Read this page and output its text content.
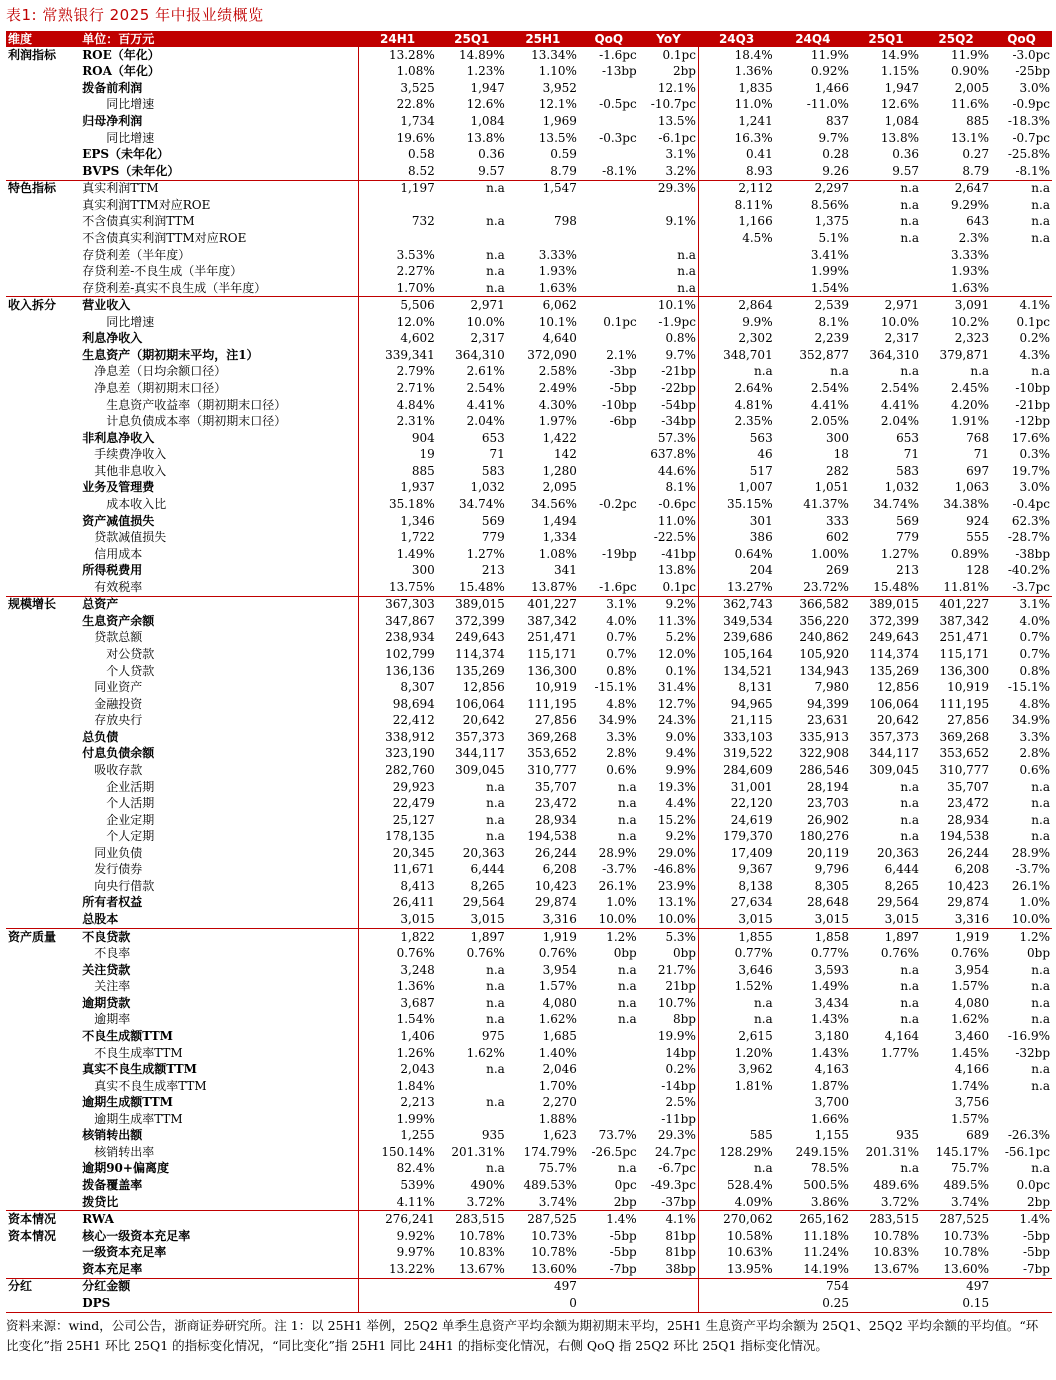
表1: 常熟银行 2025 年中报业绩概览
维度	单位：百万元	24H1	25Q1	25H1	QoQ	YoY	24Q3	24Q4	25Q1	25Q2	QoQ
利润指标	ROE（年化）	13.28%	14.89%	13.34%	-1.6pc	0.1pc	18.4%	11.9%	14.9%	11.9%	-3.0pc
	ROA（年化）	1.08%	1.23%	1.10%	-13bp	2bp	1.36%	0.92%	1.15%	0.90%	-25bp
	拨备前利润	3,525	1,947	3,952		12.1%	1,835	1,466	1,947	2,005	3.0%
	同比增速	22.8%	12.6%	12.1%	-0.5pc	-10.7pc	11.0%	-11.0%	12.6%	11.6%	-0.9pc
	归母净利润	1,734	1,084	1,969		13.5%	1,241	837	1,084	885	-18.3%
	同比增速	19.6%	13.8%	13.5%	-0.3pc	-6.1pc	16.3%	9.7%	13.8%	13.1%	-0.7pc
	EPS（未年化）	0.58	0.36	0.59		3.1%	0.41	0.28	0.36	0.27	-25.8%
	BVPS（未年化）	8.52	9.57	8.79	-8.1%	3.2%	8.93	9.26	9.57	8.79	-8.1%
特色指标	真实利润TTM	1,197	n.a	1,547		29.3%	2,112	2,297	n.a	2,647	n.a
	真实利润TTM对应ROE						8.11%	8.56%	n.a	9.29%	n.a
	不含债真实利润TTM	732	n.a	798		9.1%	1,166	1,375	n.a	643	n.a
	不含债真实利润TTM对应ROE						4.5%	5.1%	n.a	2.3%	n.a
	存贷利差（半年度）	3.53%	n.a	3.33%		n.a		3.41%		3.33%	
	存贷利差-不良生成（半年度）	2.27%	n.a	1.93%		n.a		1.99%		1.93%	
	存贷利差-真实不良生成（半年度）	1.70%	n.a	1.63%		n.a		1.54%		1.63%	
收入拆分	营业收入	5,506	2,971	6,062		10.1%	2,864	2,539	2,971	3,091	4.1%
	同比增速	12.0%	10.0%	10.1%	0.1pc	-1.9pc	9.9%	8.1%	10.0%	10.2%	0.1pc
	利息净收入	4,602	2,317	4,640		0.8%	2,302	2,239	2,317	2,323	0.2%
	生息资产（期初期末平均，注1）	339,341	364,310	372,090	2.1%	9.7%	348,701	352,877	364,310	379,871	4.3%
	净息差（日均余额口径）	2.79%	2.61%	2.58%	-3bp	-21bp	n.a	n.a	n.a	n.a	n.a
	净息差（期初期末口径）	2.71%	2.54%	2.49%	-5bp	-22bp	2.64%	2.54%	2.54%	2.45%	-10bp
	生息资产收益率（期初期末口径）	4.84%	4.41%	4.30%	-10bp	-54bp	4.81%	4.41%	4.41%	4.20%	-21bp
	计息负债成本率（期初期末口径）	2.31%	2.04%	1.97%	-6bp	-34bp	2.35%	2.05%	2.04%	1.91%	-12bp
	非利息净收入	904	653	1,422		57.3%	563	300	653	768	17.6%
	手续费净收入	19	71	142		637.8%	46	18	71	71	0.3%
	其他非息收入	885	583	1,280		44.6%	517	282	583	697	19.7%
	业务及管理费	1,937	1,032	2,095		8.1%	1,007	1,051	1,032	1,063	3.0%
	成本收入比	35.18%	34.74%	34.56%	-0.2pc	-0.6pc	35.15%	41.37%	34.74%	34.38%	-0.4pc
	资产减值损失	1,346	569	1,494		11.0%	301	333	569	924	62.3%
	贷款减值损失	1,722	779	1,334		-22.5%	386	602	779	555	-28.7%
	信用成本	1.49%	1.27%	1.08%	-19bp	-41bp	0.64%	1.00%	1.27%	0.89%	-38bp
	所得税费用	300	213	341		13.8%	204	269	213	128	-40.2%
	有效税率	13.75%	15.48%	13.87%	-1.6pc	0.1pc	13.27%	23.72%	15.48%	11.81%	-3.7pc
规模增长	总资产	367,303	389,015	401,227	3.1%	9.2%	362,743	366,582	389,015	401,227	3.1%
	生息资产余额	347,867	372,399	387,342	4.0%	11.3%	349,534	356,220	372,399	387,342	4.0%
	贷款总额	238,934	249,643	251,471	0.7%	5.2%	239,686	240,862	249,643	251,471	0.7%
	对公贷款	102,799	114,374	115,171	0.7%	12.0%	105,164	105,920	114,374	115,171	0.7%
	个人贷款	136,136	135,269	136,300	0.8%	0.1%	134,521	134,943	135,269	136,300	0.8%
	同业资产	8,307	12,856	10,919	-15.1%	31.4%	8,131	7,980	12,856	10,919	-15.1%
	金融投资	98,694	106,064	111,195	4.8%	12.7%	94,965	94,399	106,064	111,195	4.8%
	存放央行	22,412	20,642	27,856	34.9%	24.3%	21,115	23,631	20,642	27,856	34.9%
	总负债	338,912	357,373	369,268	3.3%	9.0%	333,103	335,913	357,373	369,268	3.3%
	付息负债余额	323,190	344,117	353,652	2.8%	9.4%	319,522	322,908	344,117	353,652	2.8%
	吸收存款	282,760	309,045	310,777	0.6%	9.9%	284,609	286,546	309,045	310,777	0.6%
	企业活期	29,923	n.a	35,707	n.a	19.3%	31,001	28,194	n.a	35,707	n.a
	个人活期	22,479	n.a	23,472	n.a	4.4%	22,120	23,703	n.a	23,472	n.a
	企业定期	25,127	n.a	28,934	n.a	15.2%	24,619	26,902	n.a	28,934	n.a
	个人定期	178,135	n.a	194,538	n.a	9.2%	179,370	180,276	n.a	194,538	n.a
	同业负债	20,345	20,363	26,244	28.9%	29.0%	17,409	20,119	20,363	26,244	28.9%
	发行债券	11,671	6,444	6,208	-3.7%	-46.8%	9,367	9,796	6,444	6,208	-3.7%
	向央行借款	8,413	8,265	10,423	26.1%	23.9%	8,138	8,305	8,265	10,423	26.1%
	所有者权益	26,411	29,564	29,874	1.0%	13.1%	27,634	28,648	29,564	29,874	1.0%
	总股本	3,015	3,015	3,316	10.0%	10.0%	3,015	3,015	3,015	3,316	10.0%
资产质量	不良贷款	1,822	1,897	1,919	1.2%	5.3%	1,855	1,858	1,897	1,919	1.2%
	不良率	0.76%	0.76%	0.76%	0bp	0bp	0.77%	0.77%	0.76%	0.76%	0bp
	关注贷款	3,248	n.a	3,954	n.a	21.7%	3,646	3,593	n.a	3,954	n.a
	关注率	1.36%	n.a	1.57%	n.a	21bp	1.52%	1.49%	n.a	1.57%	n.a
	逾期贷款	3,687	n.a	4,080	n.a	10.7%	n.a	3,434	n.a	4,080	n.a
	逾期率	1.54%	n.a	1.62%	n.a	8bp	n.a	1.43%	n.a	1.62%	n.a
	不良生成额TTM	1,406	975	1,685		19.9%	2,615	3,180	4,164	3,460	-16.9%
	不良生成率TTM	1.26%	1.62%	1.40%		14bp	1.20%	1.43%	1.77%	1.45%	-32bp
	真实不良生成额TTM	2,043	n.a	2,046		0.2%	3,962	4,163		4,166	n.a
	真实不良生成率TTM	1.84%		1.70%		-14bp	1.81%	1.87%		1.74%	n.a
	逾期生成额TTM	2,213	n.a	2,270		2.5%		3,700		3,756	
	逾期生成率TTM	1.99%		1.88%		-11bp		1.66%		1.57%	
	核销转出额	1,255	935	1,623	73.7%	29.3%	585	1,155	935	689	-26.3%
	核销转出率	150.14%	201.31%	174.79%	-26.5pc	24.7pc	128.29%	249.15%	201.31%	145.17%	-56.1pc
	逾期90+偏离度	82.4%	n.a	75.7%	n.a	-6.7pc	n.a	78.5%	n.a	75.7%	n.a
	拨备覆盖率	539%	490%	489.53%	0pc	-49.3pc	528.4%	500.5%	489.6%	489.5%	0.0pc
	拨贷比	4.11%	3.72%	3.74%	2bp	-37bp	4.09%	3.86%	3.72%	3.74%	2bp
资本情况	RWA	276,241	283,515	287,525	1.4%	4.1%	270,062	265,162	283,515	287,525	1.4%
资本情况	核心一级资本充足率	9.92%	10.78%	10.73%	-5bp	81bp	10.58%	11.18%	10.78%	10.73%	-5bp
	一级资本充足率	9.97%	10.83%	10.78%	-5bp	81bp	10.63%	11.24%	10.83%	10.78%	-5bp
	资本充足率	13.22%	13.67%	13.60%	-7bp	38bp	13.95%	14.19%	13.67%	13.60%	-7bp
分红	分红金额			497				754		497	
	DPS			0				0.25		0.15	
资料来源：wind，公司公告，浙商证券研究所。注 1：以 25H1 举例，25Q2 单季生息资产平均余额为期初期末平均，25H1 生息资产平均余额为 25Q1、25Q2 平均余额的平均值。“环比变化”指 25H1 环比 25Q1 的指标变化情况，“同比变化”指 25H1 同比 24H1 的指标变化情况，右侧 QoQ 指 25Q2 环比 25Q1 指标变化情况。
